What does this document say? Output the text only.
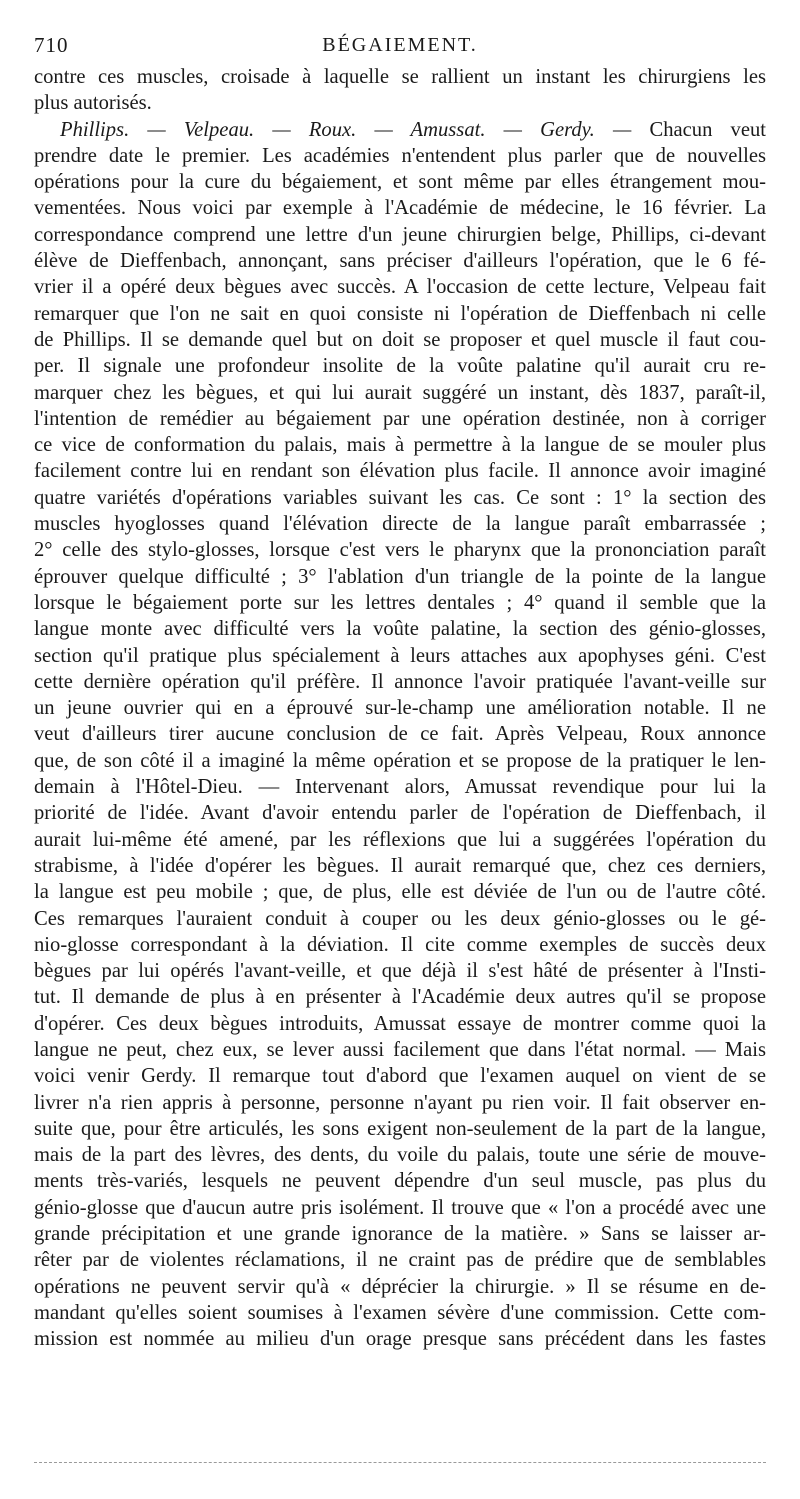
710	BÉGAIEMENT.
contre ces muscles, croisade à laquelle se rallient un instant les chirurgiens les
plus autorisés.
Phillips. — Velpeau. — Roux. — Amussat. — Gerdy. — Chacun veut
prendre date le premier. Les académies n'entendent plus parler que de nouvelles
opérations pour la cure du bégaiement, et sont même par elles étrangement mou-
vementées. Nous voici par exemple à l'Académie de médecine, le 16 février. La
correspondance comprend une lettre d'un jeune chirurgien belge, Phillips, ci-devant
élève de Dieffenbach, annonçant, sans préciser d'ailleurs l'opération, que le 6 fé-
vrier il a opéré deux bègues avec succès. A l'occasion de cette lecture, Velpeau fait
remarquer que l'on ne sait en quoi consiste ni l'opération de Dieffenbach ni celle
de Phillips. Il se demande quel but on doit se proposer et quel muscle il faut cou-
per. Il signale une profondeur insolite de la voûte palatine qu'il aurait cru re-
marquer chez les bègues, et qui lui aurait suggéré un instant, dès 1837, paraît-il,
l'intention de remédier au bégaiement par une opération destinée, non à corriger
ce vice de conformation du palais, mais à permettre à la langue de se mouler plus
facilement contre lui en rendant son élévation plus facile. Il annonce avoir imaginé
quatre variétés d'opérations variables suivant les cas. Ce sont : 1° la section des
muscles hyoglosses quand l'élévation directe de la langue paraît embarrassée ;
2° celle des stylo-glosses, lorsque c'est vers le pharynx que la prononciation paraît
éprouver quelque difficulté ; 3° l'ablation d'un triangle de la pointe de la langue
lorsque le bégaiement porte sur les lettres dentales ; 4° quand il semble que la
langue monte avec difficulté vers la voûte palatine, la section des génio-glosses,
section qu'il pratique plus spécialement à leurs attaches aux apophyses géni. C'est
cette dernière opération qu'il préfère. Il annonce l'avoir pratiquée l'avant-veille sur
un jeune ouvrier qui en a éprouvé sur-le-champ une amélioration notable. Il ne
veut d'ailleurs tirer aucune conclusion de ce fait. Après Velpeau, Roux annonce
que, de son côté il a imaginé la même opération et se propose de la pratiquer le len-
demain à l'Hôtel-Dieu. — Intervenant alors, Amussat revendique pour lui la
priorité de l'idée. Avant d'avoir entendu parler de l'opération de Dieffenbach, il
aurait lui-même été amené, par les réflexions que lui a suggérées l'opération du
strabisme, à l'idée d'opérer les bègues. Il aurait remarqué que, chez ces derniers,
la langue est peu mobile ; que, de plus, elle est déviée de l'un ou de l'autre côté.
Ces remarques l'auraient conduit à couper ou les deux génio-glosses ou le gé-
nio-glosse correspondant à la déviation. Il cite comme exemples de succès deux
bègues par lui opérés l'avant-veille, et que déjà il s'est hâté de présenter à l'Insti-
tut. Il demande de plus à en présenter à l'Académie deux autres qu'il se propose
d'opérer. Ces deux bègues introduits, Amussat essaye de montrer comme quoi la
langue ne peut, chez eux, se lever aussi facilement que dans l'état normal. — Mais
voici venir Gerdy. Il remarque tout d'abord que l'examen auquel on vient de se
livrer n'a rien appris à personne, personne n'ayant pu rien voir. Il fait observer en-
suite que, pour être articulés, les sons exigent non-seulement de la part de la langue,
mais de la part des lèvres, des dents, du voile du palais, toute une série de mouve-
ments très-variés, lesquels ne peuvent dépendre d'un seul muscle, pas plus du
génio-glosse que d'aucun autre pris isolément. Il trouve que « l'on a procédé avec une
grande précipitation et une grande ignorance de la matière. » Sans se laisser ar-
rêter par de violentes réclamations, il ne craint pas de prédire que de semblables
opérations ne peuvent servir qu'à « déprécier la chirurgie. » Il se résume en de-
mandant qu'elles soient soumises à l'examen sévère d'une commission. Cette com-
mission est nommée au milieu d'un orage presque sans précédent dans les fastes
